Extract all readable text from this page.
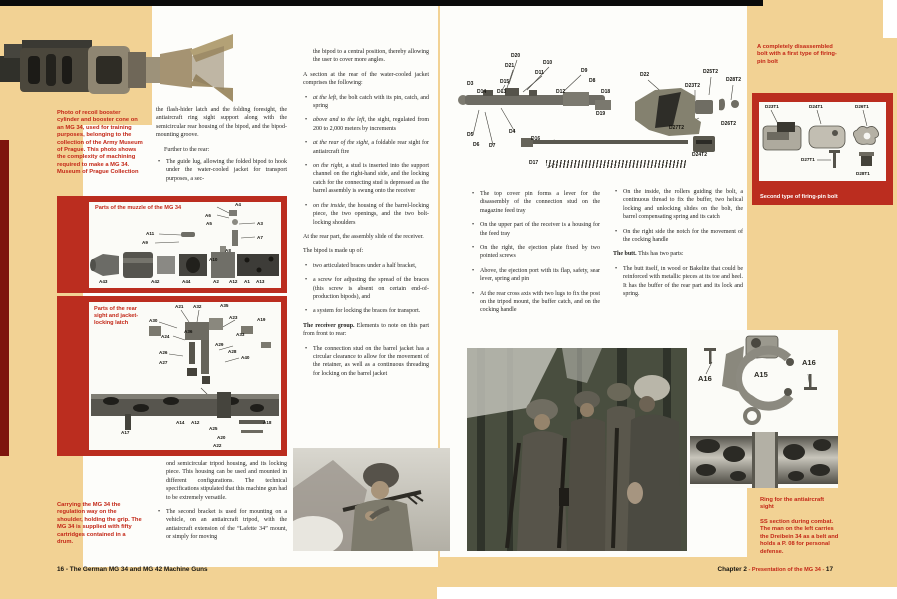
Photo of recoil booster cylinder and booster cone on an MG 34, used for training purposes, belonging to the collection of the Army Museum of Prague. This photo shows the complexity of machining required to make a MG 34. Museum of Prague Collection

the flash-hider latch and the folding foresight, the antiaircraft ring sight support along with the semicircular rear housing of the bipod, and the bipod-mounting groove.

Further to the rear:

• The guide lug, allowing the folded bipod to hook under the water-cooled jacket for transport purposes, a sec-
Parts of the muzzle of the MG 34
A4
A6
A5	A3
A11
A9
A7
A8
A10
A43	A42	A44	A2 A12 A1 A13
Parts of the rear sight and jacket-locking latch
A21 A32	A35
A30
A23	A19
A36
A24	A33
A29
A28
A40
A26
A27
A17
A14 A12
A25
A18
A20
A22

ond semicircular tripod housing, and its locking piece. This housing can be used and mounted in different configurations. The technical specifications stipulated that this machine gun had to be extremely versatile.

• The second bracket is used for mounting on a vehicle, on an antiaircraft tripod, with the antiaircraft extension of the “Lafette 34” mount, or simply for moving
Carrying the MG 34 the regulation way on the shoulder, holding the grip. The MG 34 is supplied with fifty cartridges contained in a drum.

the bipod to a central position, thereby allowing the user to cover more angles.

A section at the rear of the water-cooled jacket comprises the following:

• at the left, the bolt catch with its pin, catch, and spring
• above and to the left, the sight, regulated from 200 to 2,000 meters by increments
• at the rear of the sight, a foldable rear sight for antiaircraft fire
• on the right, a stud is inserted into the support channel on the right-hand side, and the locking catch for the connecting stud is depressed as the barrel assembly is swung onto the receiver
• on the inside, the housing of the barrel-locking piece, the two openings, and the two bolt-locking shoulders

At the rear part, the assembly slide of the receiver.

The bipod is made up of:

• two articulated braces under a half bracket,
• a screw for adjusting the spread of the braces (this screw is absent on certain end-of-production bipods), and
• a system for locking the braces for transport.

The receiver group. Elements to note on this part from front to rear:

• The connection stud on the barrel jacket has a circular clearance to allow for the movement of the retainer, as well as a continuous threading for locking on the barrel jacket
D3
D20
D21	D10
D11	D9
D15	D8
D14 D13	D12	D18
D19
D22
D23T2
D25T2
D28T2
D27T2
D26T2
D24T2
D4
D5
D6 D7
D16
D17
• The top cover pin forms a lever for the disassembly of the connection stud on the magazine feed tray
• On the upper part of the receiver is a housing for the feed tray
• On the right, the ejection plate fixed by two pointed screws
• Above, the ejection port with its flap, safety, sear lever, spring and pin
• At the rear cross axis with two lugs to fix the post on the tripod mount, the buffer catch, and on the cocking handle
• On the inside, the rollers guiding the bolt, a continuous thread to fix the buffer, two helical locking and unlocking slides on the bolt, the barrel compensating spring and its catch
• On the right side the notch for the movement of the cocking handle

The butt. This has two parts:

• The butt itself, in wood or Bakelite that could be reinforced with metallic pieces at its toe and heel. It has the buffer of the rear part and its lock and spring.
A completely disassembled bolt with a first type of firing-pin bolt
D23T1	D24T1	D26T1
D27T1
D28T1
Second type of firing-pin bolt
A16	A15
A16
Ring for the antiaircraft sight
SS section during combat. The man on the left carries the Dreibein 34 as a belt and holds a P. 08 for personal defense.
16 - The German MG 34 and MG 42 Machine Guns	Chapter 2 - Presentation of the MG 34 - 17
